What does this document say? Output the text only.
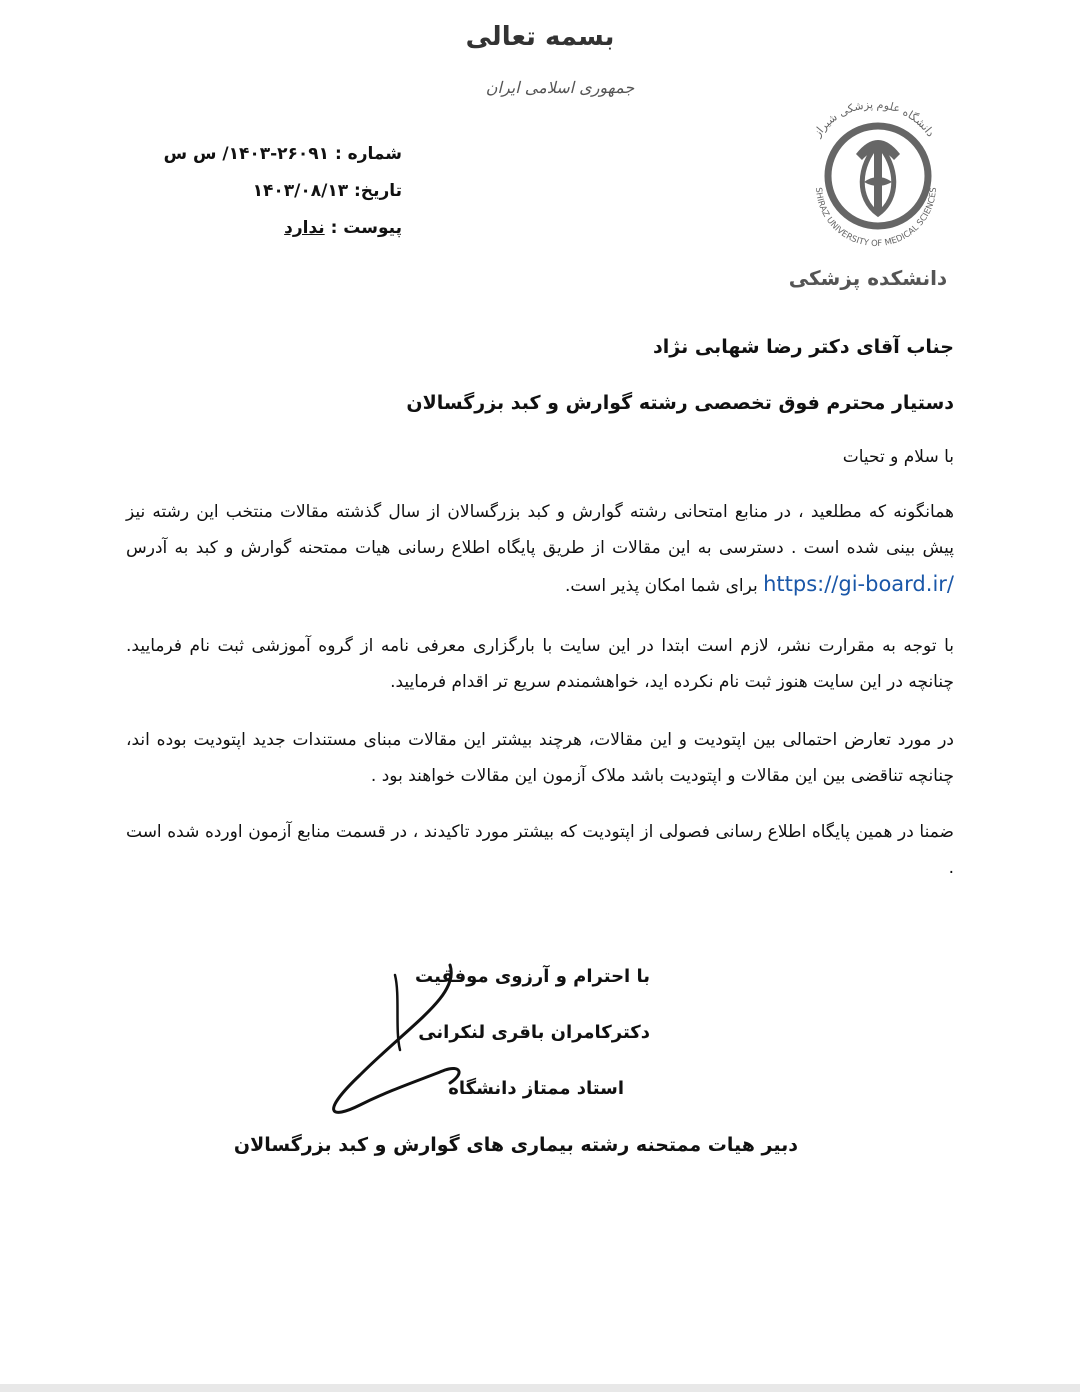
بسمه تعالی
جمهوری اسلامی ایران
شماره : ۲۶۰۹۱-۱۴۰۳/ س س
تاریخ: ۱۴۰۳/۰۸/۱۳
پیوست : ندارد
دانشگاه علوم پزشکی شیراز
SHIRAZ UNIVERSITY OF MEDICAL SCIENCES
دانشکده پزشکی
جناب آقای دکتر رضا شهابی نژاد
دستیار محترم فوق تخصصی رشته گوارش و کبد بزرگسالان
با سلام و تحیات
همانگونه که مطلعید ، در منابع امتحانی رشته گوارش و کبد بزرگسالان از سال گذشته مقالات منتخب این رشته نیز پیش بینی شده است . دسترسی به این مقالات از طریق پایگاه اطلاع رسانی هیات ممتحنه گوارش و کبد به آدرس https://gi-board.ir/ برای شما امکان پذیر است.
با توجه به مقرارت نشر، لازم است ابتدا در این سایت با بارگزاری معرفی نامه از گروه آموزشی ثبت نام فرمایید. چنانچه در این سایت هنوز ثبت نام نکرده اید، خواهشمندم سریع تر اقدام فرمایید.
در مورد تعارض احتمالی بین اپتودیت و این مقالات، هرچند بیشتر این مقالات مبنای مستندات جدید اپتودیت بوده اند، چنانچه تناقضی بین این مقالات و اپتودیت باشد ملاک آزمون این مقالات خواهند بود .
ضمنا در همین پایگاه اطلاع رسانی فصولی از اپتودیت که بیشتر مورد تاکیدند ، در قسمت منابع آزمون اورده شده است .
با احترام و آرزوی موفقیت
دکترکامران باقری لنکرانی
استاد ممتاز دانشگاه
دبیر هیات ممتحنه رشته بیماری های گوارش و کبد بزرگسالان
